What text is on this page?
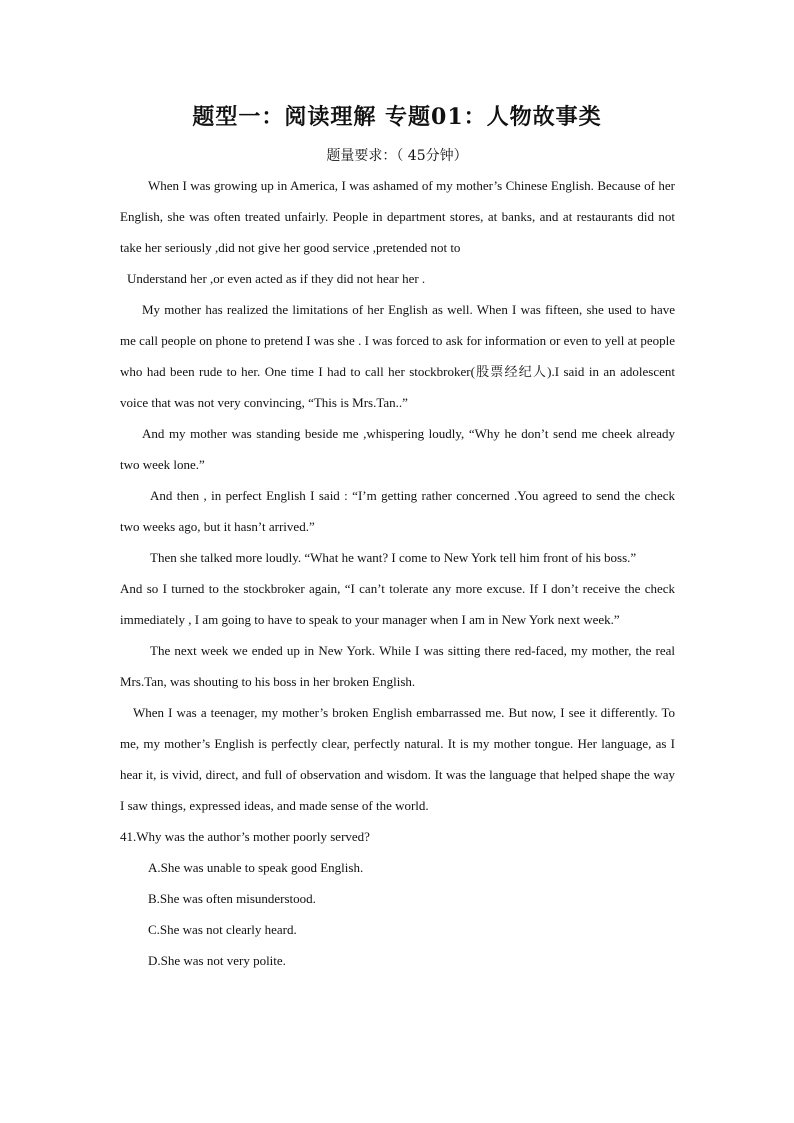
题型一：阅读理解 专题01：人物故事类
题量要求：（ 45分钟）

When I was growing up in America, I was ashamed of my mother’s Chinese English. Because of her English, she was often treated unfairly. People in department stores, at banks, and at restaurants did not take her seriously ,did not give her good service ,pretended not to

Understand her ,or even acted as if they did not hear her .

My mother has realized the limitations of her English as well. When I was fifteen, she used to have me call people on phone to pretend I was she . I was forced to ask for information or even to yell at people who had been rude to her. One time I had to call her stockbroker(股票经纪人).I said in an adolescent voice that was not very convincing, “This is Mrs.Tan..”

And my mother was standing beside me ,whispering loudly, “Why he don’t send me cheek already two week lone.”

And then , in perfect English I said : “I’m getting rather concerned .You agreed to send the check two weeks ago, but it hasn’t arrived.”

Then she talked more loudly. “What he want? I come to New York tell him front of his boss.”

And so I turned to the stockbroker again, “I can’t tolerate any more excuse. If I don’t receive the check immediately , I am going to have to speak to your manager when I am in New York next week.”

The next week we ended up in New York. While I was sitting there red-faced, my mother, the real Mrs.Tan, was shouting to his boss in her broken English.

When I was a teenager, my mother’s broken English embarrassed me. But now, I see it differently. To me, my mother’s English is perfectly clear, perfectly natural. It is my mother tongue. Her language, as I hear it, is vivid, direct, and full of observation and wisdom. It was the language that helped shape the way I saw things, expressed ideas, and made sense of the world.

41.Why was the author’s mother poorly served?

A.She was unable to speak good English.
B.She was often misunderstood.
C.She was not clearly heard.
D.She was not very polite.
